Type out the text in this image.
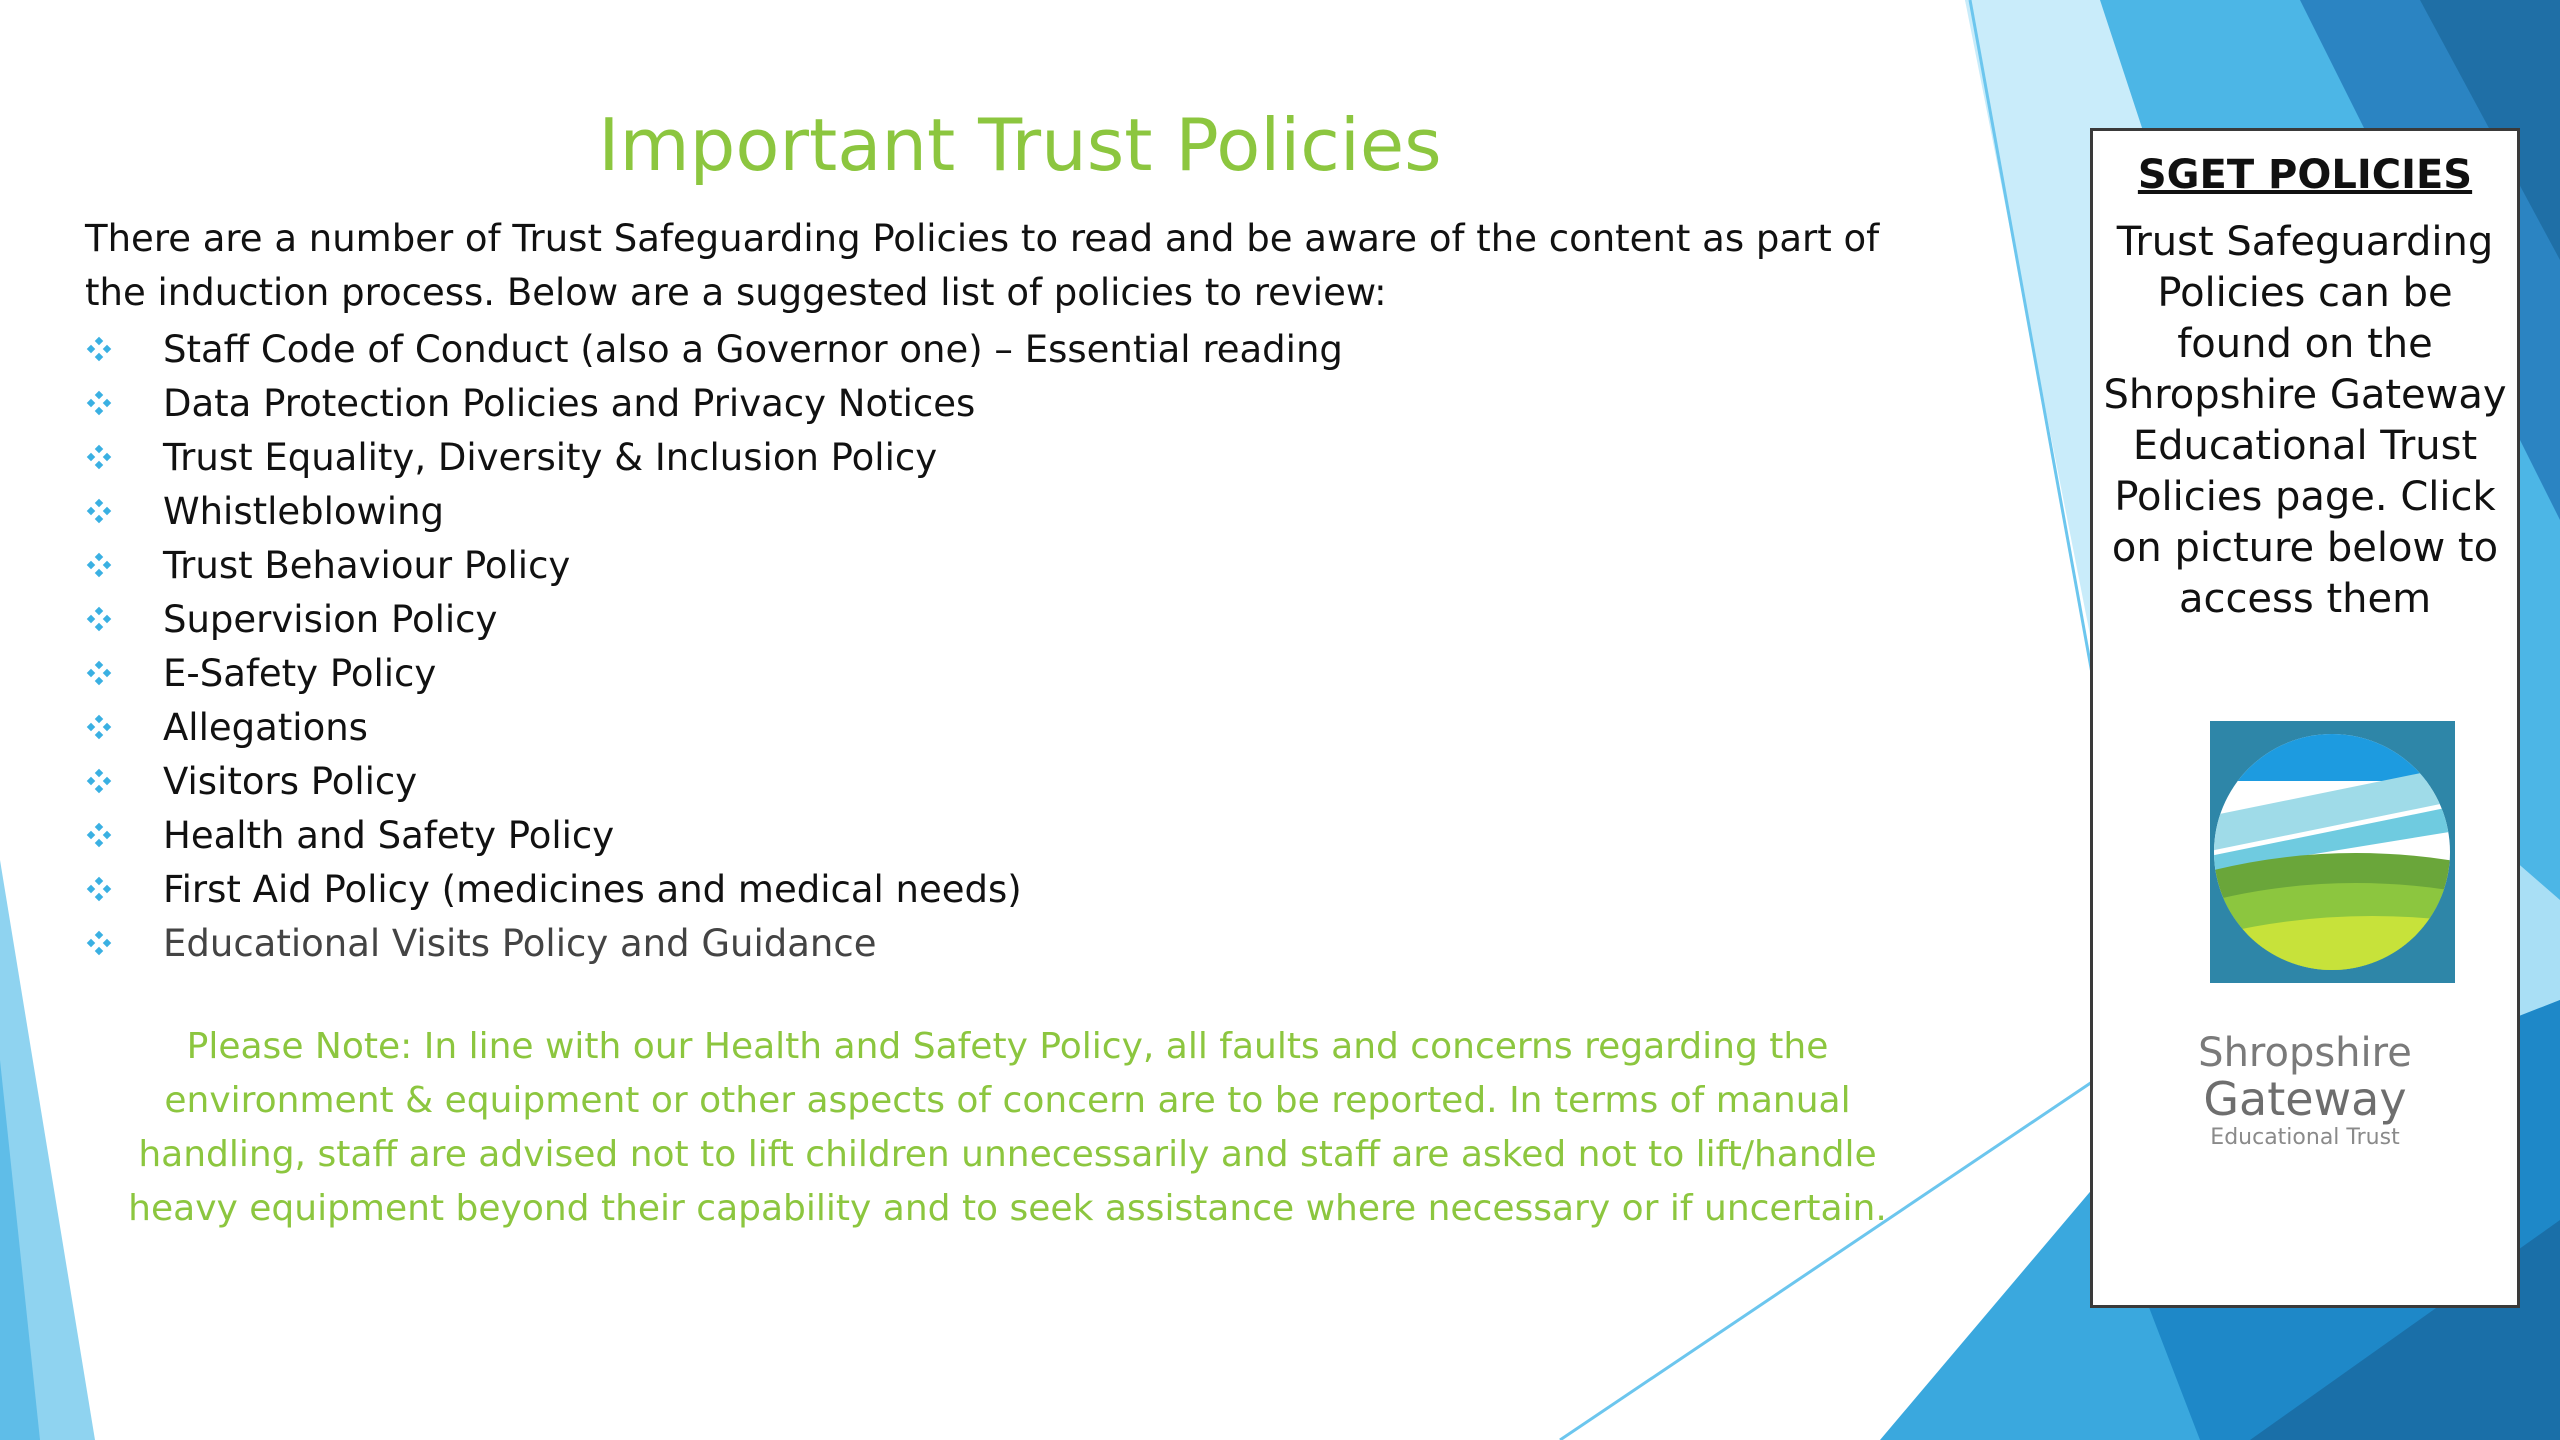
Important Trust Policies
There are a number of Trust Safeguarding Policies to read and be aware of the content as part of the induction process. Below are a suggested list of policies to review:
Staff Code of Conduct (also a Governor one) – Essential reading
Data Protection Policies and Privacy Notices
Trust Equality, Diversity & Inclusion Policy
Whistleblowing
Trust Behaviour Policy
Supervision Policy
E-Safety Policy
Allegations
Visitors Policy
Health and Safety Policy
First Aid Policy (medicines and medical needs)
Educational Visits Policy and Guidance
Please Note: In line with our Health and Safety Policy, all faults and concerns regarding the environment & equipment or other aspects of concern are to be reported. In terms of manual handling, staff are advised not to lift children unnecessarily and staff are asked not to lift/handle heavy equipment beyond their capability and to seek assistance where necessary or if uncertain.
SGET POLICIES
Trust Safeguarding Policies can be found on the Shropshire Gateway Educational Trust Policies page. Click on picture below to access them
Shropshire
Gateway
Educational Trust
